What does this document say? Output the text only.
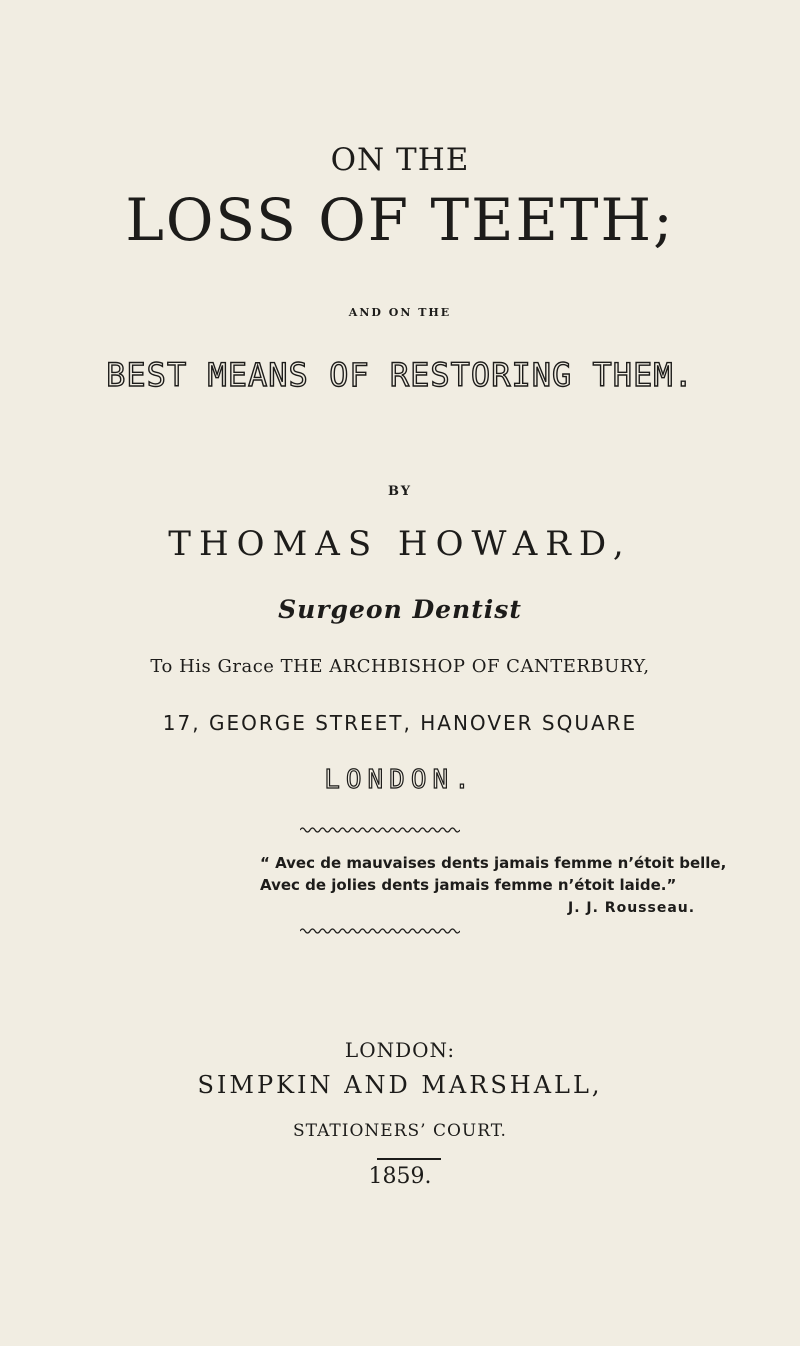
ON THE
LOSS OF TEETH;
AND ON THE
BEST MEANS OF RESTORING THEM.
BY
THOMAS HOWARD,
Surgeon Dentist
To His Grace THE ARCHBISHOP OF CANTERBURY,
17, GEORGE STREET, HANOVER SQUARE
LONDON.
“ Avec de mauvaises dents jamais femme n’étoit belle,
Avec de jolies dents jamais femme n’étoit laide.”
J. J. Rousseau.
LONDON:
SIMPKIN AND MARSHALL,
STATIONERS’ COURT.
1859.
